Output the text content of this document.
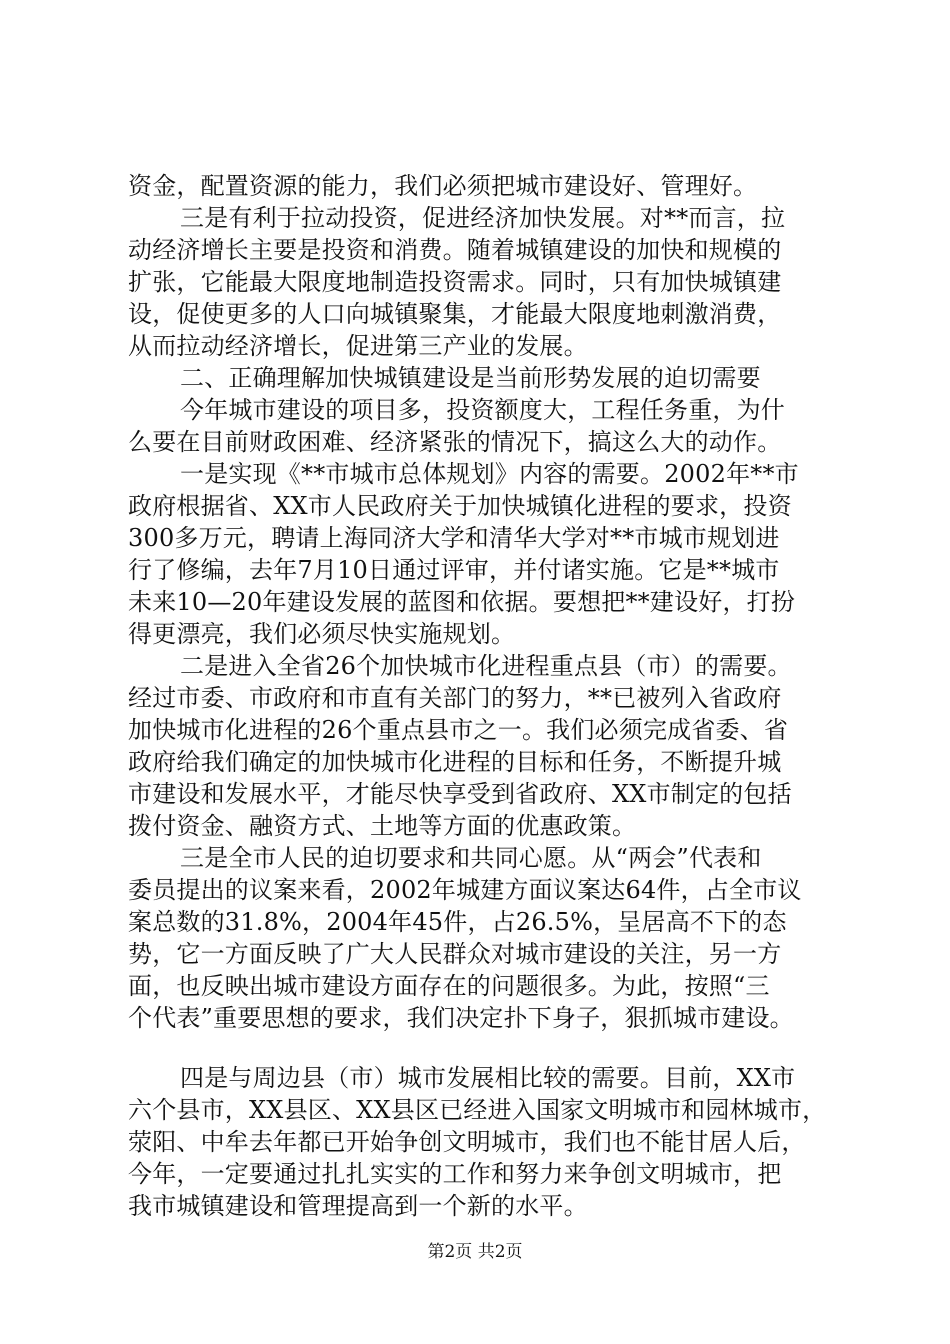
资金，配置资源的能力，我们必须把城市建设好、管理好。
三是有利于拉动投资，促进经济加快发展。对**而言，拉
动经济增长主要是投资和消费。随着城镇建设的加快和规模的
扩张，它能最大限度地制造投资需求。同时，只有加快城镇建
设，促使更多的人口向城镇聚集，才能最大限度地刺激消费，
从而拉动经济增长，促进第三产业的发展。
二、正确理解加快城镇建设是当前形势发展的迫切需要
今年城市建设的项目多，投资额度大，工程任务重，为什
么要在目前财政困难、经济紧张的情况下，搞这么大的动作。
一是实现《**市城市总体规划》内容的需要。2002年**市
政府根据省、XX市人民政府关于加快城镇化进程的要求，投资
300多万元，聘请上海同济大学和清华大学对**市城市规划进
行了修编，去年7月10日通过评审，并付诸实施。它是**城市
未来10—20年建设发展的蓝图和依据。要想把**建设好，打扮
得更漂亮，我们必须尽快实施规划。
二是进入全省26个加快城市化进程重点县（市）的需要。
经过市委、市政府和市直有关部门的努力，**已被列入省政府
加快城市化进程的26个重点县市之一。我们必须完成省委、省
政府给我们确定的加快城市化进程的目标和任务，不断提升城
市建设和发展水平，才能尽快享受到省政府、XX市制定的包括
拨付资金、融资方式、土地等方面的优惠政策。
三是全市人民的迫切要求和共同心愿。从“两会”代表和
委员提出的议案来看，2002年城建方面议案达64件，占全市议
案总数的31.8%，2004年45件，占26.5%，呈居高不下的态
势，它一方面反映了广大人民群众对城市建设的关注，另一方
面，也反映出城市建设方面存在的问题很多。为此，按照“三
个代表”重要思想的要求，我们决定扑下身子，狠抓城市建设。
四是与周边县（市）城市发展相比较的需要。目前，XX市
六个县市，XX县区、XX县区已经进入国家文明城市和园林城市，
荥阳、中牟去年都已开始争创文明城市，我们也不能甘居人后，
今年，一定要通过扎扎实实的工作和努力来争创文明城市，把
我市城镇建设和管理提高到一个新的水平。
第2页 共2页
